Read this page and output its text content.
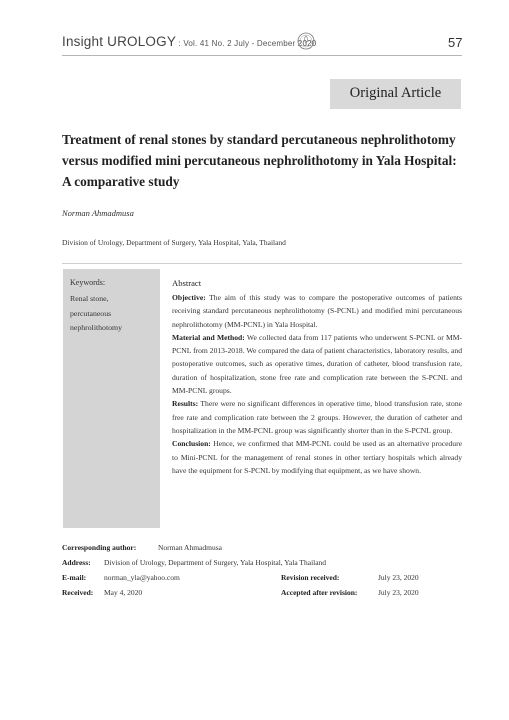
Insight UROLOGY : Vol. 41 No. 2 July - December 2020	57
Original Article
Treatment of renal stones by standard percutaneous nephrolithotomy versus modified mini percutaneous nephrolithotomy in Yala Hospital: A comparative study
Norman Ahmadmusa
Division of Urology, Department of Surgery, Yala Hospital, Yala, Thailand
Keywords:
Renal stone,
percutaneous
nephrolithotomy
Abstract

Objective: The aim of this study was to compare the postoperative outcomes of patients receiving standard percutaneous nephrolithotomy (S-PCNL) and modified mini percutaneous nephrolithotomy (MM-PCNL) in Yala Hospital.

Material and Method: We collected data from 117 patients who underwent S-PCNL or MM-PCNL from 2013-2018. We compared the data of patient characteristics, laboratory results, and postoperative outcomes, such as operative times, duration of catheter, blood transfusion rate, duration of hospitalization, stone free rate and complication rate between the S-PCNL and MM-PCNL groups.

Results: There were no significant differences in operative time, blood transfusion rate, stone free rate and complication rate between the 2 groups. However, the duration of catheter and hospitalization in the MM-PCNL group was significantly shorter than in the S-PCNL group.

Conclusion: Hence, we confirmed that MM-PCNL could be used as an alternative procedure to Mini-PCNL for the management of renal stones in other tertiary hospitals which already have the equipment for S-PCNL by modifying that equipment, as we have shown.

Corresponding author:	Norman Ahmadmusa
Address: Division of Urology, Department of Surgery, Yala Hospital, Yala Thailand
E-mail: norman_yla@yahoo.com	Revision received:	July 23, 2020
Received: May 4, 2020	Accepted after revision:	July 23, 2020
